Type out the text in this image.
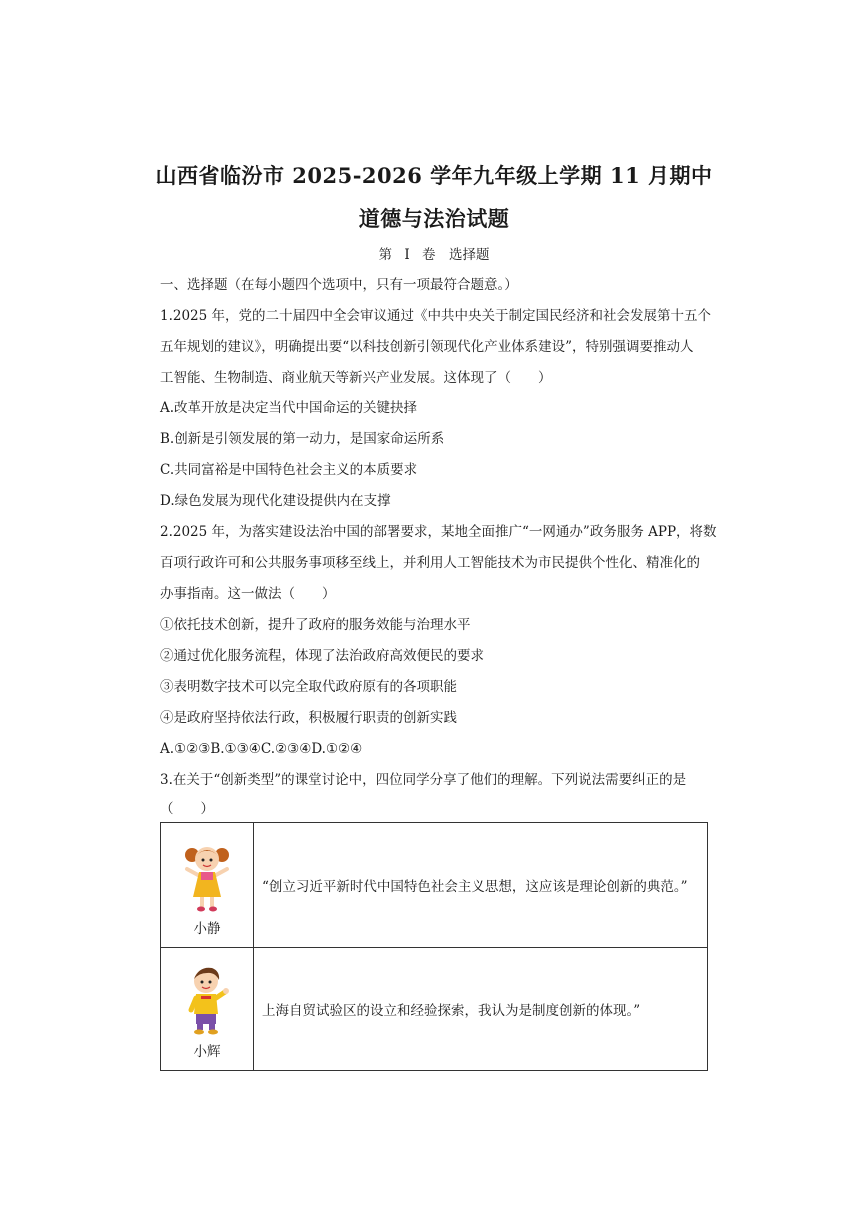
山西省临汾市 2025-2026 学年九年级上学期 11 月期中
道德与法治试题
第 I 卷　选择题
一、选择题（在每小题四个选项中，只有一项最符合题意。）
1.2025 年，党的二十届四中全会审议通过《中共中央关于制定国民经济和社会发展第十五个
五年规划的建议》，明确提出要“以科技创新引领现代化产业体系建设”，特别强调要推动人
工智能、生物制造、商业航天等新兴产业发展。这体现了（　　）
A.改革开放是决定当代中国命运的关键抉择
B.创新是引领发展的第一动力，是国家命运所系
C.共同富裕是中国特色社会主义的本质要求
D.绿色发展为现代化建设提供内在支撑
2.2025 年，为落实建设法治中国的部署要求，某地全面推广“一网通办”政务服务 APP，将数
百项行政许可和公共服务事项移至线上，并利用人工智能技术为市民提供个性化、精准化的
办事指南。这一做法（　　）
①依托技术创新，提升了政府的服务效能与治理水平
②通过优化服务流程，体现了法治政府高效便民的要求
③表明数字技术可以完全取代政府原有的各项职能
④是政府坚持依法行政，积极履行职责的创新实践
A.①②③B.①③④C.②③④D.①②④
3.在关于“创新类型”的课堂讨论中，四位同学分享了他们的理解。下列说法需要纠正的是
（　　）
小静	“创立习近平新时代中国特色社会主义思想，这应该是理论创新的典范。”

小辉	上海自贸试验区的设立和经验探索，我认为是制度创新的体现。”
